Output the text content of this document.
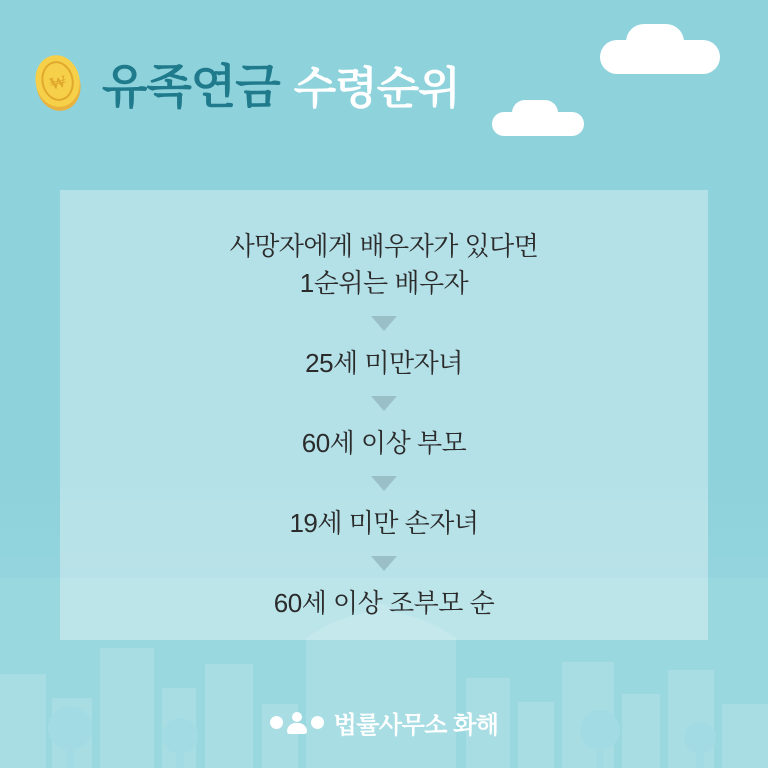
₩ 유족연금 수령순위
사망자에게 배우자가 있다면
1순위는 배우자
25세 미만자녀
60세 이상 부모
19세 미만 손자녀
60세 이상 조부모 순
법률사무소 화해
